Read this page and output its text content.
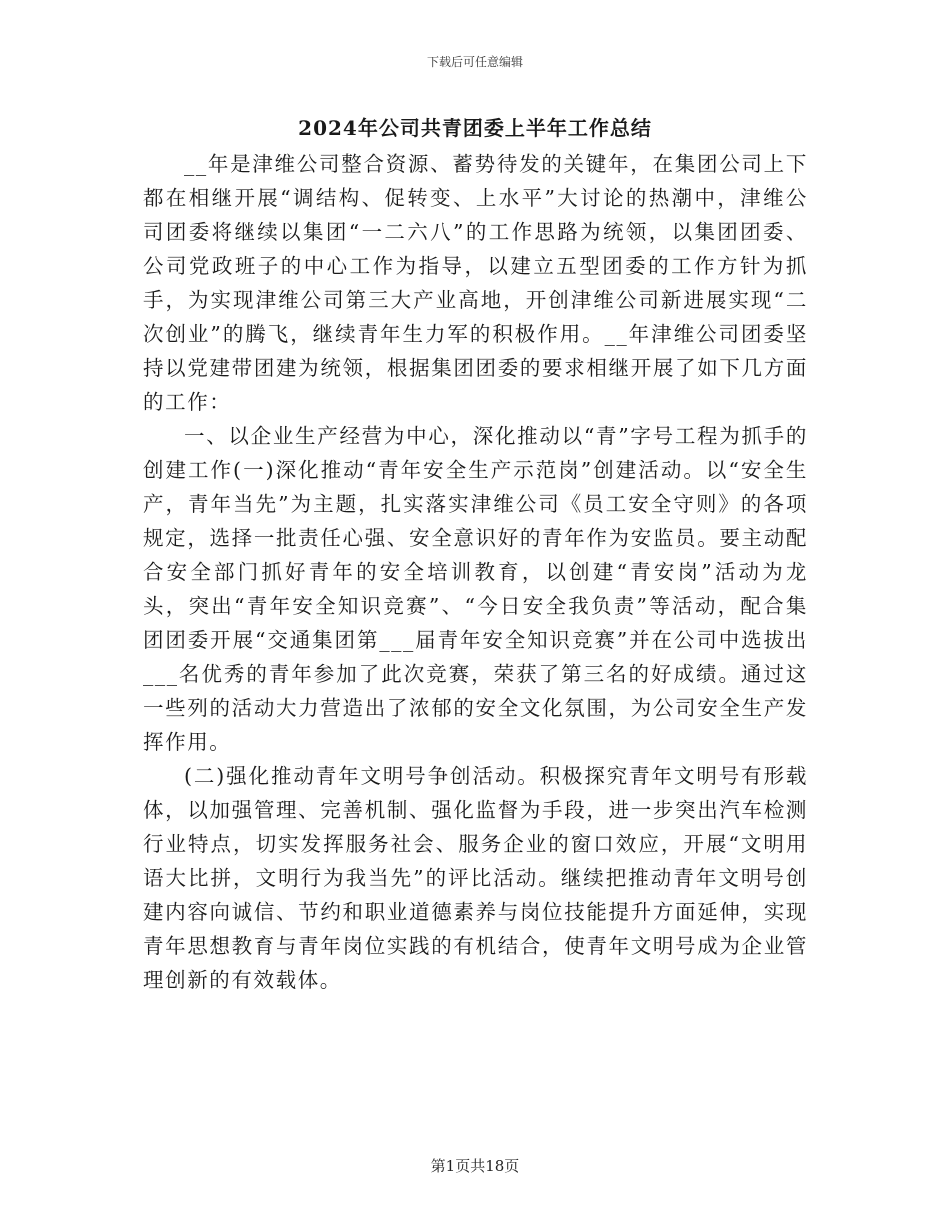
下载后可任意编辑
2024年公司共青团委上半年工作总结

__年是津维公司整合资源、蓄势待发的关键年，在集团公司上下都在相继开展“调结构、促转变、上水平”大讨论的热潮中，津维公司团委将继续以集团“一二六八”的工作思路为统领，以集团团委、公司党政班子的中心工作为指导，以建立五型团委的工作方针为抓手，为实现津维公司第三大产业高地，开创津维公司新进展实现“二次创业”的腾飞，继续青年生力军的积极作用。__年津维公司团委坚持以党建带团建为统领，根据集团团委的要求相继开展了如下几方面的工作：

一、以企业生产经营为中心，深化推动以“青”字号工程为抓手的创建工作(一)深化推动“青年安全生产示范岗”创建活动。以“安全生产，青年当先”为主题，扎实落实津维公司《员工安全守则》的各项规定，选择一批责任心强、安全意识好的青年作为安监员。要主动配合安全部门抓好青年的安全培训教育，以创建“青安岗”活动为龙头，突出“青年安全知识竞赛”、“今日安全我负责”等活动，配合集团团委开展“交通集团第___届青年安全知识竞赛”并在公司中选拔出___名优秀的青年参加了此次竞赛，荣获了第三名的好成绩。通过这一些列的活动大力营造出了浓郁的安全文化氛围，为公司安全生产发挥作用。

(二)强化推动青年文明号争创活动。积极探究青年文明号有形载体，以加强管理、完善机制、强化监督为手段，进一步突出汽车检测行业特点，切实发挥服务社会、服务企业的窗口效应，开展“文明用语大比拼，文明行为我当先”的评比活动。继续把推动青年文明号创建内容向诚信、节约和职业道德素养与岗位技能提升方面延伸，实现青年思想教育与青年岗位实践的有机结合，使青年文明号成为企业管理创新的有效载体。

第1页共18页
